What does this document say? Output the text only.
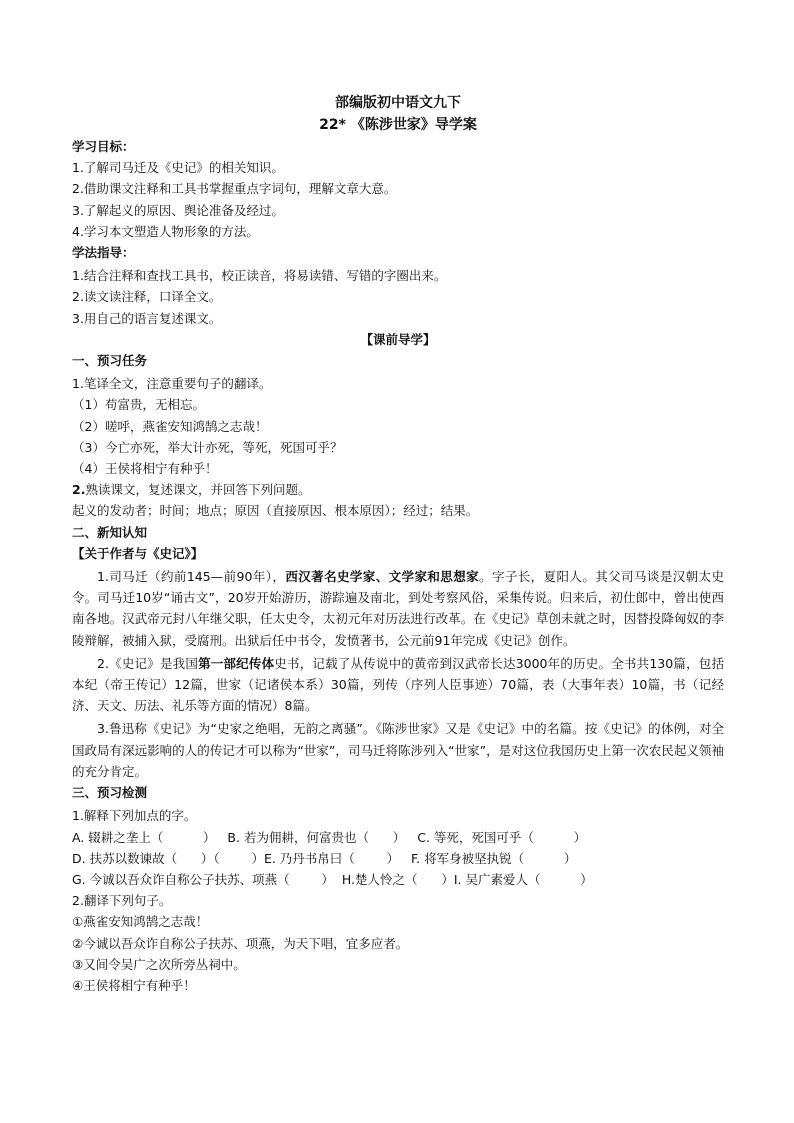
部编版初中语文九下
22* 《陈涉世家》导学案
学习目标：
1.了解司马迁及《史记》的相关知识。
2.借助课文注释和工具书掌握重点字词句，理解文章大意。
3.了解起义的原因、舆论准备及经过。
4.学习本文塑造人物形象的方法。
学法指导：
1.结合注释和查找工具书，校正读音，将易读错、写错的字圈出来。
2.读文读注释，口译全文。
3.用自己的语言复述课文。
【课前导学】
一、预习任务
1.笔译全文，注意重要句子的翻译。
（1）苟富贵，无相忘。
（2）嗟呼，燕雀安知鸿鹄之志哉！
（3）今亡亦死，举大计亦死，等死，死国可乎？
（4）王侯将相宁有种乎！
2.熟读课文，复述课文，并回答下列问题。
起义的发动者；时间；地点；原因（直接原因、根本原因）；经过；结果。
二、新知认知
【关于作者与《史记》】
1.司马迁（约前145—前90年），西汉著名史学家、文学家和思想家。字子长，夏阳人。其父司马谈是汉朝太史令。司马迁10岁“诵古文”，20岁开始游历，游踪遍及南北，到处考察风俗，采集传说。归来后，初仕郎中，曾出使西南各地。汉武帝元封八年继父职，任太史令，太初元年对历法进行改革。在《史记》草创未就之时，因替投降匈奴的李陵辩解，被捕入狱，受腐刑。出狱后任中书令，发愤著书，公元前91年完成《史记》创作。
2.《史记》是我国第一部纪传体史书，记载了从传说中的黄帝到汉武帝长达3000年的历史。全书共130篇，包括本纪（帝王传记）12篇，世家（记诸侯本系）30篇，列传（序列人臣事迹）70篇，表（大事年表）10篇，书（记经济、天文、历法、礼乐等方面的情况）8篇。
3.鲁迅称《史记》为“史家之绝唱，无韵之离骚”。《陈涉世家》又是《史记》中的名篇。按《史记》的体例，对全国政局有深远影响的人的传记才可以称为“世家”，司马迁将陈涉列入“世家”，是对这位我国历史上第一次农民起义领袖的充分肯定。
三、预习检测
1.解释下列加点的字。
A. 辍耕之垄上（          ）   B. 若为佣耕，何富贵也（      ）   C. 等死，死国可乎（          ）
D. 扶苏以数谏故（      ）（        ）E. 乃丹书帛曰（        ）   F. 将军身被坚执锐（          ）
G. 今诚以吾众诈自称公子扶苏、项燕（        ）  H.楚人怜之（      ）I. 吴广素爱人（          ）
2.翻译下列句子。
①燕雀安知鸿鹄之志哉！
②今诚以吾众诈自称公子扶苏、项燕，为天下唱，宜多应者。
③又间令吴广之次所旁丛祠中。
④王侯将相宁有种乎！
